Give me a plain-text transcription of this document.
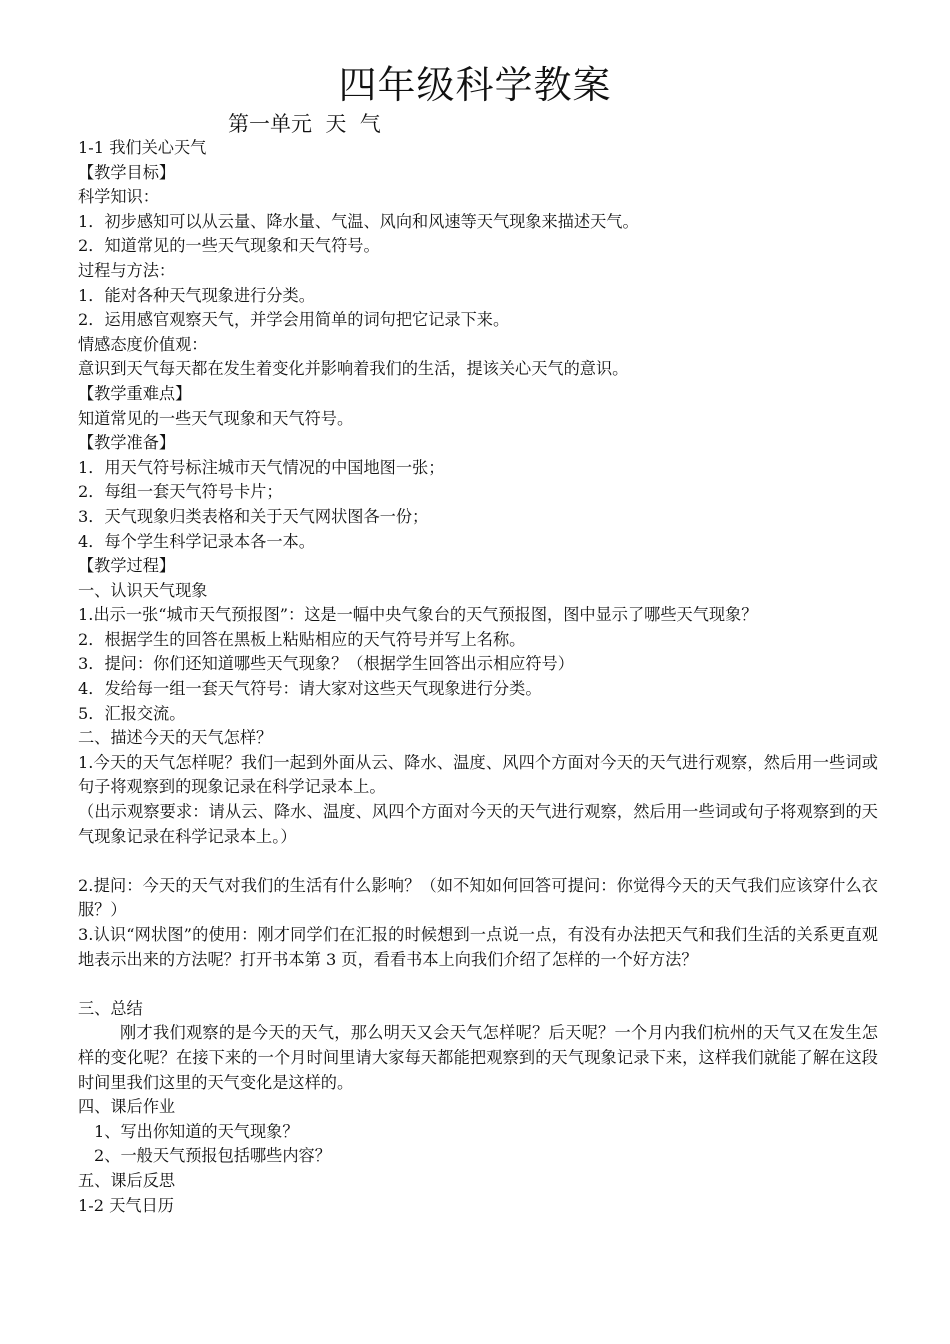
四年级科学教案
第一单元  天  气
1-1 我们关心天气
【教学目标】
科学知识：
1．初步感知可以从云量、降水量、气温、风向和风速等天气现象来描述天气。
2．知道常见的一些天气现象和天气符号。
过程与方法：
1．能对各种天气现象进行分类。
2．运用感官观察天气，并学会用简单的词句把它记录下来。
情感态度价值观：
意识到天气每天都在发生着变化并影响着我们的生活，提该关心天气的意识。
【教学重难点】
知道常见的一些天气现象和天气符号。
【教学准备】
1．用天气符号标注城市天气情况的中国地图一张；
2．每组一套天气符号卡片；
3．天气现象归类表格和关于天气网状图各一份；
4．每个学生科学记录本各一本。
【教学过程】
一、认识天气现象
1.出示一张“城市天气预报图”：这是一幅中央气象台的天气预报图，图中显示了哪些天气现象？
2．根据学生的回答在黑板上粘贴相应的天气符号并写上名称。
3．提问：你们还知道哪些天气现象？（根据学生回答出示相应符号）
4．发给每一组一套天气符号：请大家对这些天气现象进行分类。
5．汇报交流。
二、描述今天的天气怎样？
1.今天的天气怎样呢？我们一起到外面从云、降水、温度、风四个方面对今天的天气进行观察，然后用一些词或句子将观察到的现象记录在科学记录本上。
（出示观察要求：请从云、降水、温度、风四个方面对今天的天气进行观察，然后用一些词或句子将观察到的天气现象记录在科学记录本上。）
2.提问：今天的天气对我们的生活有什么影响？（如不知如何回答可提问：你觉得今天的天气我们应该穿什么衣服？）
3.认识“网状图”的使用：刚才同学们在汇报的时候想到一点说一点，有没有办法把天气和我们生活的关系更直观地表示出来的方法呢？打开书本第 3 页，看看书本上向我们介绍了怎样的一个好方法？
三、总结
刚才我们观察的是今天的天气，那么明天又会天气怎样呢？后天呢？一个月内我们杭州的天气又在发生怎样的变化呢？在接下来的一个月时间里请大家每天都能把观察到的天气现象记录下来，这样我们就能了解在这段时间里我们这里的天气变化是这样的。
四、课后作业
1、写出你知道的天气现象？
2、一般天气预报包括哪些内容？
五、课后反思
1-2 天气日历
